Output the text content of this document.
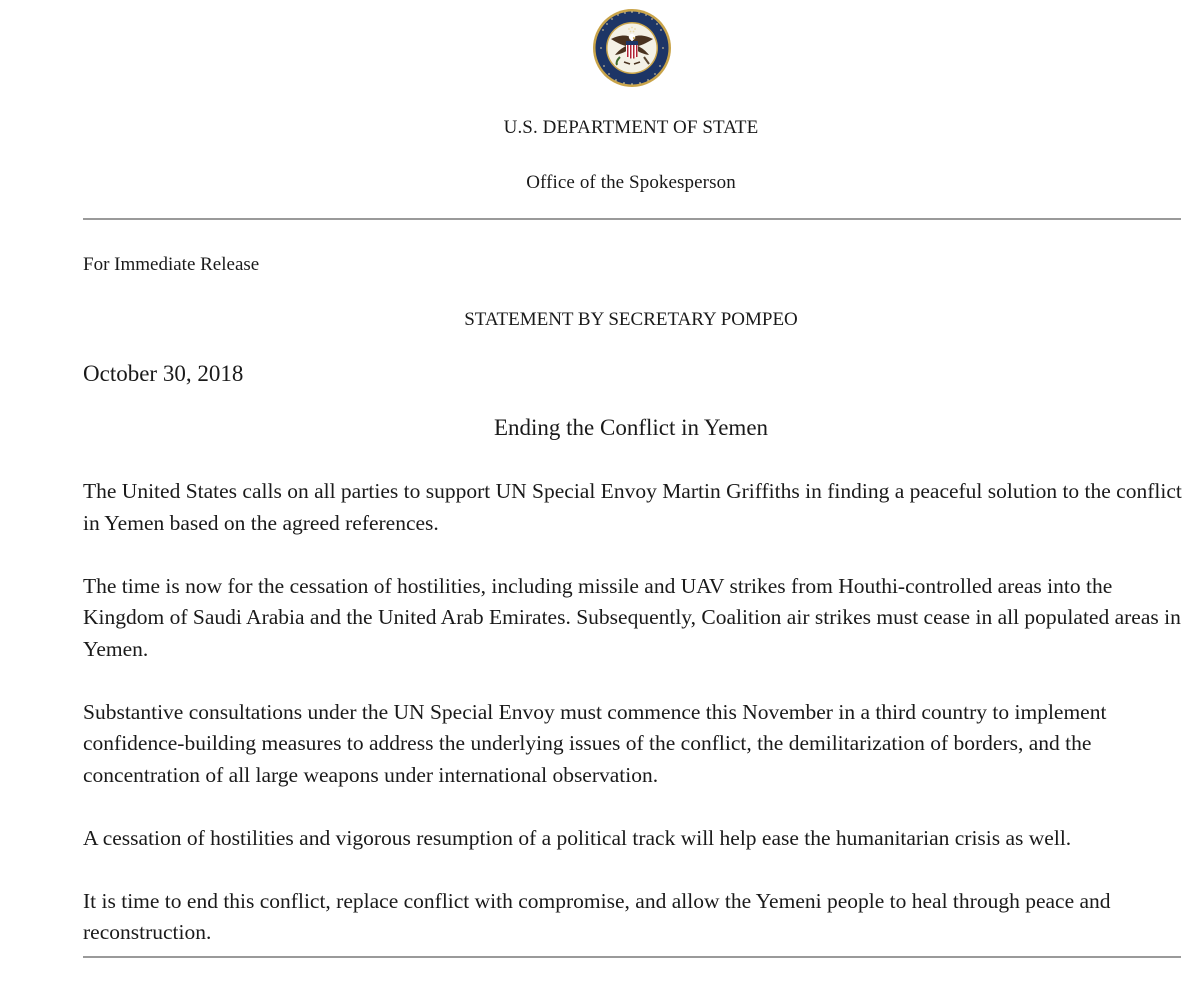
U.S. DEPARTMENT OF STATE
Office of the Spokesperson
For Immediate Release
STATEMENT BY SECRETARY POMPEO
October 30, 2018
Ending the Conflict in Yemen

The United States calls on all parties to support UN Special Envoy Martin Griffiths in finding a peaceful solution to the conflict in Yemen based on the agreed references.

The time is now for the cessation of hostilities, including missile and UAV strikes from Houthi-controlled areas into the Kingdom of Saudi Arabia and the United Arab Emirates. Subsequently, Coalition air strikes must cease in all populated areas in Yemen.

Substantive consultations under the UN Special Envoy must commence this November in a third country to implement confidence-building measures to address the underlying issues of the conflict, the demilitarization of borders, and the concentration of all large weapons under international observation.

A cessation of hostilities and vigorous resumption of a political track will help ease the humanitarian crisis as well.

It is time to end this conflict, replace conflict with compromise, and allow the Yemeni people to heal through peace and reconstruction.
